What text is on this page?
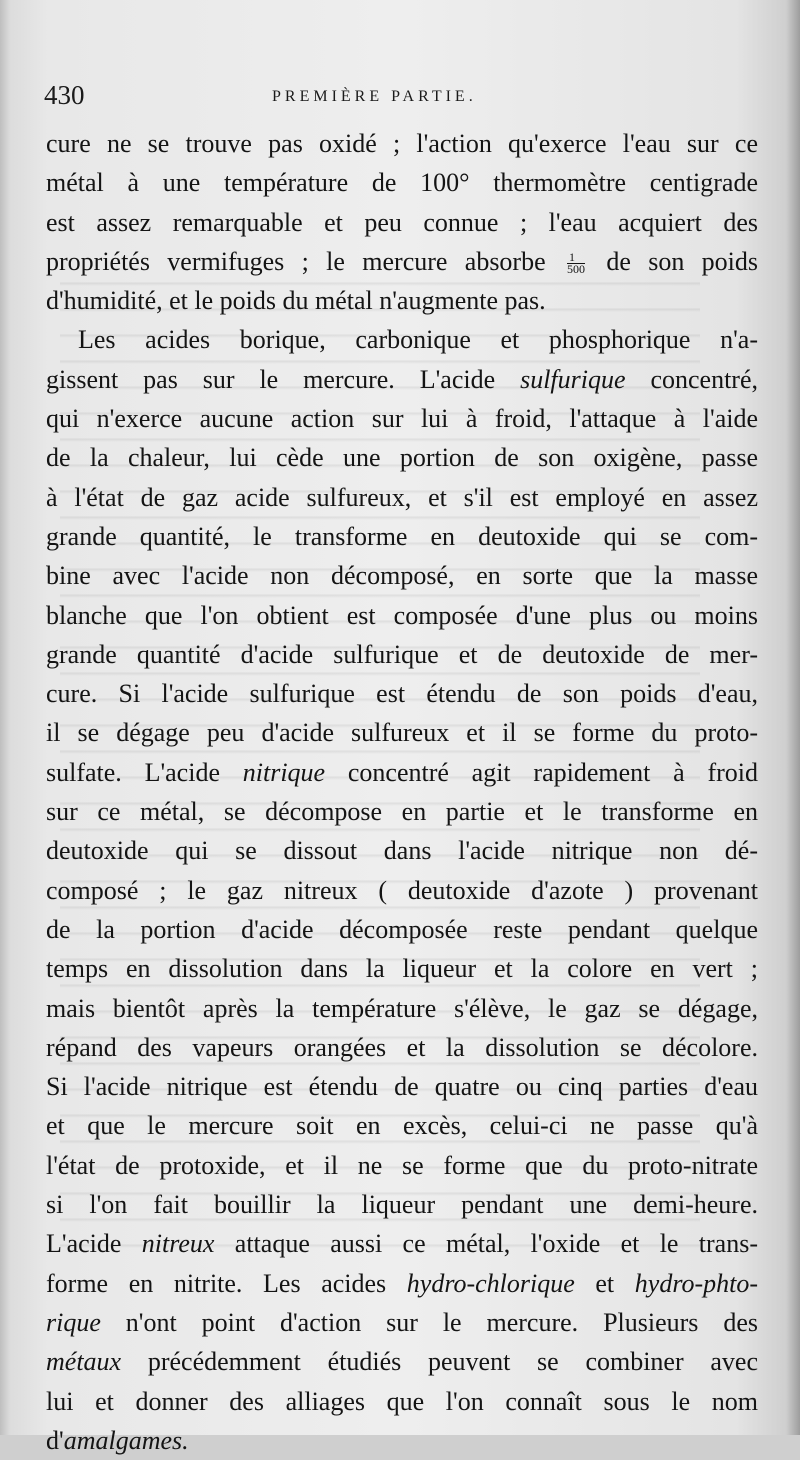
430	PREMIÈRE PARTIE.
cure ne se trouve pas oxidé ; l'action qu'exerce l'eau sur ce
métal à une température de 100° thermomètre centigrade
est assez remarquable et peu connue ; l'eau acquiert des
propriétés vermifuges ; le mercure absorbe $\frac{1}{500}$ de son poids
d'humidité, et le poids du métal n'augmente pas.
Les acides borique, carbonique et phosphorique n'a-
gissent pas sur le mercure. L'acide sulfurique concentré,
qui n'exerce aucune action sur lui à froid, l'attaque à l'aide
de la chaleur, lui cède une portion de son oxigène, passe
à l'état de gaz acide sulfureux, et s'il est employé en assez
grande quantité, le transforme en deutoxide qui se com-
bine avec l'acide non décomposé, en sorte que la masse
blanche que l'on obtient est composée d'une plus ou moins
grande quantité d'acide sulfurique et de deutoxide de mer-
cure. Si l'acide sulfurique est étendu de son poids d'eau,
il se dégage peu d'acide sulfureux et il se forme du proto-
sulfate. L'acide nitrique concentré agit rapidement à froid
sur ce métal, se décompose en partie et le transforme en
deutoxide qui se dissout dans l'acide nitrique non dé-
composé ; le gaz nitreux ( deutoxide d'azote ) provenant
de la portion d'acide décomposée reste pendant quelque
temps en dissolution dans la liqueur et la colore en vert ;
mais bientôt après la température s'élève, le gaz se dégage,
répand des vapeurs orangées et la dissolution se décolore.
Si l'acide nitrique est étendu de quatre ou cinq parties d'eau
et que le mercure soit en excès, celui-ci ne passe qu'à
l'état de protoxide, et il ne se forme que du proto-nitrate
si l'on fait bouillir la liqueur pendant une demi-heure.
L'acide nitreux attaque aussi ce métal, l'oxide et le trans-
forme en nitrite. Les acides hydro-chlorique et hydro-phto-
rique n'ont point d'action sur le mercure. Plusieurs des
métaux précédemment étudiés peuvent se combiner avec
lui et donner des alliages que l'on connaît sous le nom
d'amalgames.
